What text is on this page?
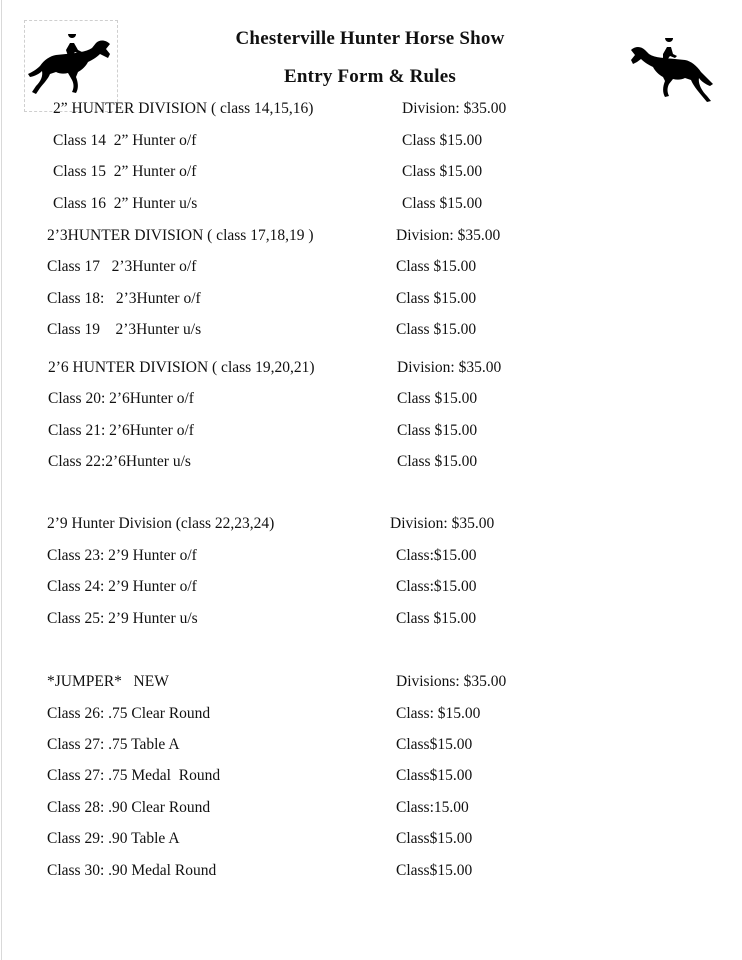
Chesterville Hunter Horse Show
Entry Form & Rules
2” HUNTER DIVISION ( class 14,15,16)	Division: $35.00
Class 14  2” Hunter o/f	Class $15.00
Class 15  2” Hunter o/f	Class $15.00
Class 16  2” Hunter u/s	Class $15.00
2’3HUNTER DIVISION ( class 17,18,19 )	Division: $35.00
Class 17   2’3Hunter o/f	Class $15.00
Class 18:   2’3Hunter o/f	Class $15.00
Class 19    2’3Hunter u/s	Class $15.00
2’6 HUNTER DIVISION ( class 19,20,21)	Division: $35.00
Class 20: 2’6Hunter o/f	Class $15.00
Class 21: 2’6Hunter o/f	Class $15.00
Class 22:2’6Hunter u/s	Class $15.00
2’9 Hunter Division (class 22,23,24)	Division: $35.00
Class 23: 2’9 Hunter o/f	Class:$15.00
Class 24: 2’9 Hunter o/f	Class:$15.00
Class 25: 2’9 Hunter u/s	Class $15.00
*JUMPER*   NEW	Divisions: $35.00
Class 26: .75 Clear Round	Class: $15.00
Class 27: .75 Table A	Class$15.00
Class 27: .75 Medal  Round	Class$15.00
Class 28: .90 Clear Round	Class:15.00
Class 29: .90 Table A	Class$15.00
Class 30: .90 Medal Round	Class$15.00
